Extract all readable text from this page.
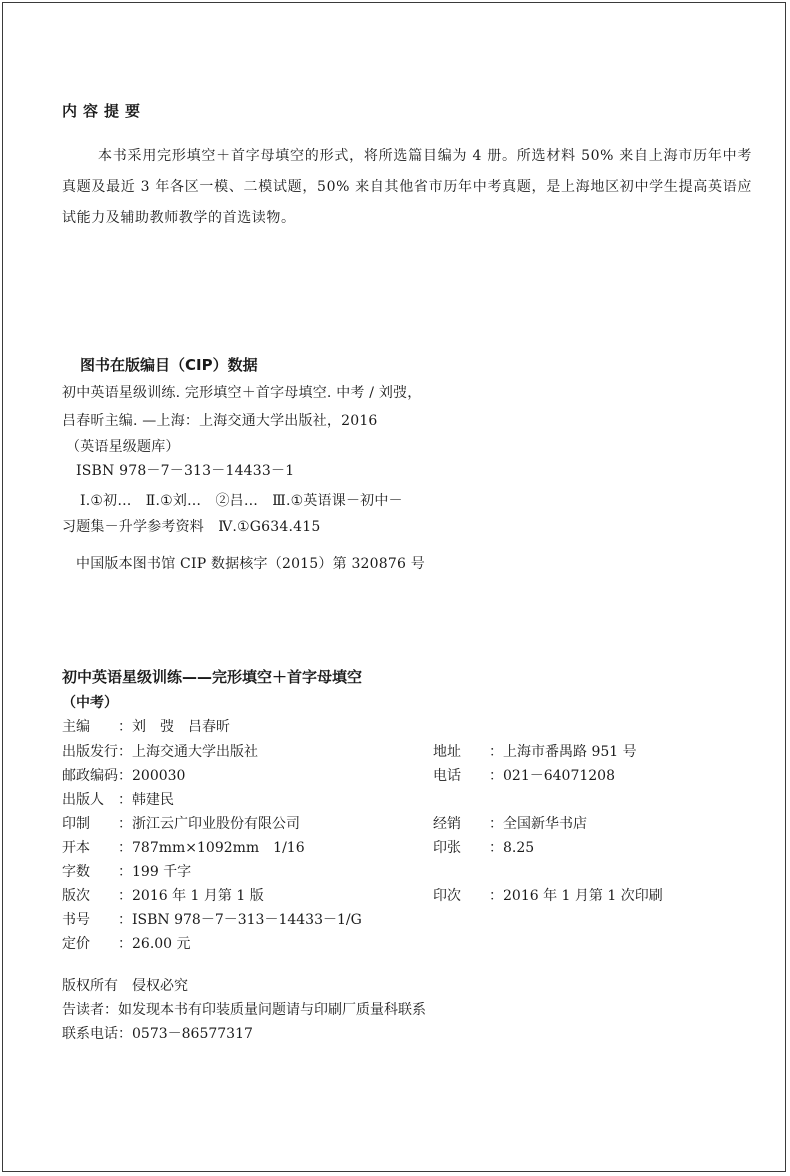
内容提要
本书采用完形填空＋首字母填空的形式，将所选篇目编为 4 册。所选材料 50% 来自上海市历年中考真题及最近 3 年各区一模、二模试题，50% 来自其他省市历年中考真题，是上海地区初中学生提高英语应试能力及辅助教师教学的首选读物。
图书在版编目（CIP）数据
初中英语星级训练. 完形填空＋首字母填空. 中考 / 刘弢，
吕春昕主编. —上海：上海交通大学出版社，2016
（英语星级题库）
ISBN 978－7－313－14433－1
Ⅰ.①初…　Ⅱ.①刘…　②吕…　Ⅲ.①英语课－初中－
习题集－升学参考资料　Ⅳ.①G634.415
中国版本图书馆 CIP 数据核字（2015）第 320876 号
初中英语星级训练——完形填空＋首字母填空
（中考）
主编 ：刘　弢　吕春昕
出版发行 ：上海交通大学出版社
邮政编码 ：200030
出版人 ：韩建民
印制 ：浙江云广印业股份有限公司
开本 ：787mm×1092mm　1/16
字数 ：199 千字
版次 ：2016 年 1 月第 1 版
书号 ：ISBN 978－7－313－14433－1/G
定价 ：26.00 元
地址 ：上海市番禺路 951 号
电话 ：021－64071208
经销 ：全国新华书店
印张 ：8.25
印次 ：2016 年 1 月第 1 次印刷
版权所有　侵权必究
告读者：如发现本书有印装质量问题请与印刷厂质量科联系
联系电话：0573－86577317
